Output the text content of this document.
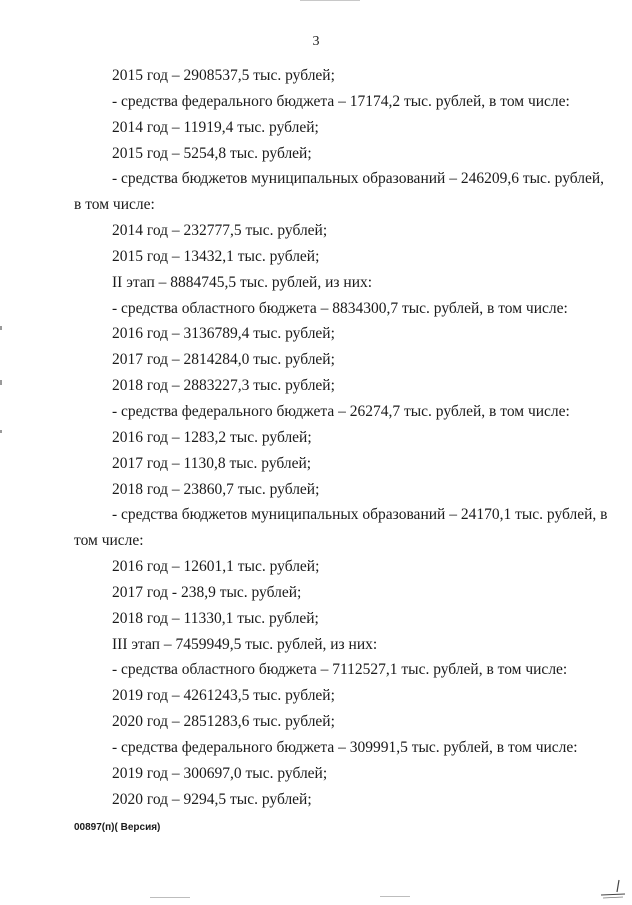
3
2015 год – 2908537,5 тыс. рублей;
- средства федерального бюджета – 17174,2 тыс. рублей, в том числе:
2014 год – 11919,4 тыс. рублей;
2015 год – 5254,8 тыс. рублей;
- средства бюджетов муниципальных образований – 246209,6 тыс. рублей,
в том числе:
2014 год – 232777,5 тыс. рублей;
2015 год – 13432,1 тыс. рублей;
II этап – 8884745,5 тыс. рублей, из них:
- средства областного бюджета – 8834300,7 тыс. рублей, в том числе:
2016 год – 3136789,4 тыс. рублей;
2017 год – 2814284,0 тыс. рублей;
2018 год – 2883227,3 тыс. рублей;
- средства федерального бюджета – 26274,7 тыс. рублей, в том числе:
2016 год – 1283,2 тыс. рублей;
2017 год – 1130,8 тыс. рублей;
2018 год – 23860,7 тыс. рублей;
- средства бюджетов муниципальных образований – 24170,1 тыс. рублей, в
том числе:
2016 год – 12601,1 тыс. рублей;
2017 год - 238,9 тыс. рублей;
2018 год – 11330,1 тыс. рублей;
III этап – 7459949,5 тыс. рублей, из них:
- средства областного бюджета – 7112527,1 тыс. рублей, в том числе:
2019 год – 4261243,5 тыс. рублей;
2020 год – 2851283,6 тыс. рублей;
- средства федерального бюджета – 309991,5 тыс. рублей, в том числе:
2019 год – 300697,0 тыс. рублей;
2020 год – 9294,5 тыс. рублей;
00897(п)( Версия)
